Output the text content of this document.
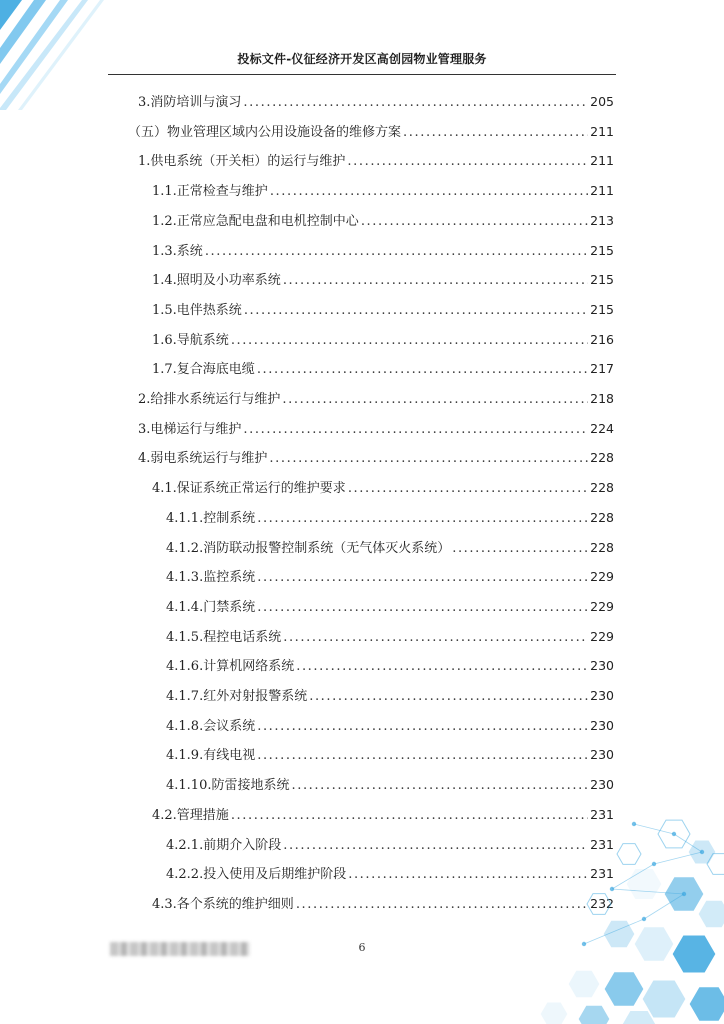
投标文件-仪征经济开发区高创园物业管理服务
3.消防培训与演习 .....	205
（五）物业管理区域内公用设施设备的维修方案 .....	211
1.供电系统（开关柜）的运行与维护 .....	211
1.1.正常检查与维护 .....	211
1.2.正常应急配电盘和电机控制中心 .....	213
1.3.系统 .....	215
1.4.照明及小功率系统 .....	215
1.5.电伴热系统 .....	215
1.6.导航系统 .....	216
1.7.复合海底电缆 .....	217
2.给排水系统运行与维护 .....	218
3.电梯运行与维护 .....	224
4.弱电系统运行与维护 .....	228
4.1.保证系统正常运行的维护要求 .....	228
4.1.1.控制系统 .....	228
4.1.2.消防联动报警控制系统（无气体灭火系统） .....	228
4.1.3.监控系统 .....	229
4.1.4.门禁系统 .....	229
4.1.5.程控电话系统 .....	229
4.1.6.计算机网络系统 .....	230
4.1.7.红外对射报警系统 .....	230
4.1.8.会议系统 .....	230
4.1.9.有线电视 .....	230
4.1.10.防雷接地系统 .....	230
4.2.管理措施 .....	231
4.2.1.前期介入阶段 .....	231
4.2.2.投入使用及后期维护阶段 .....	231
4.3.各个系统的维护细则 .....	232
6
